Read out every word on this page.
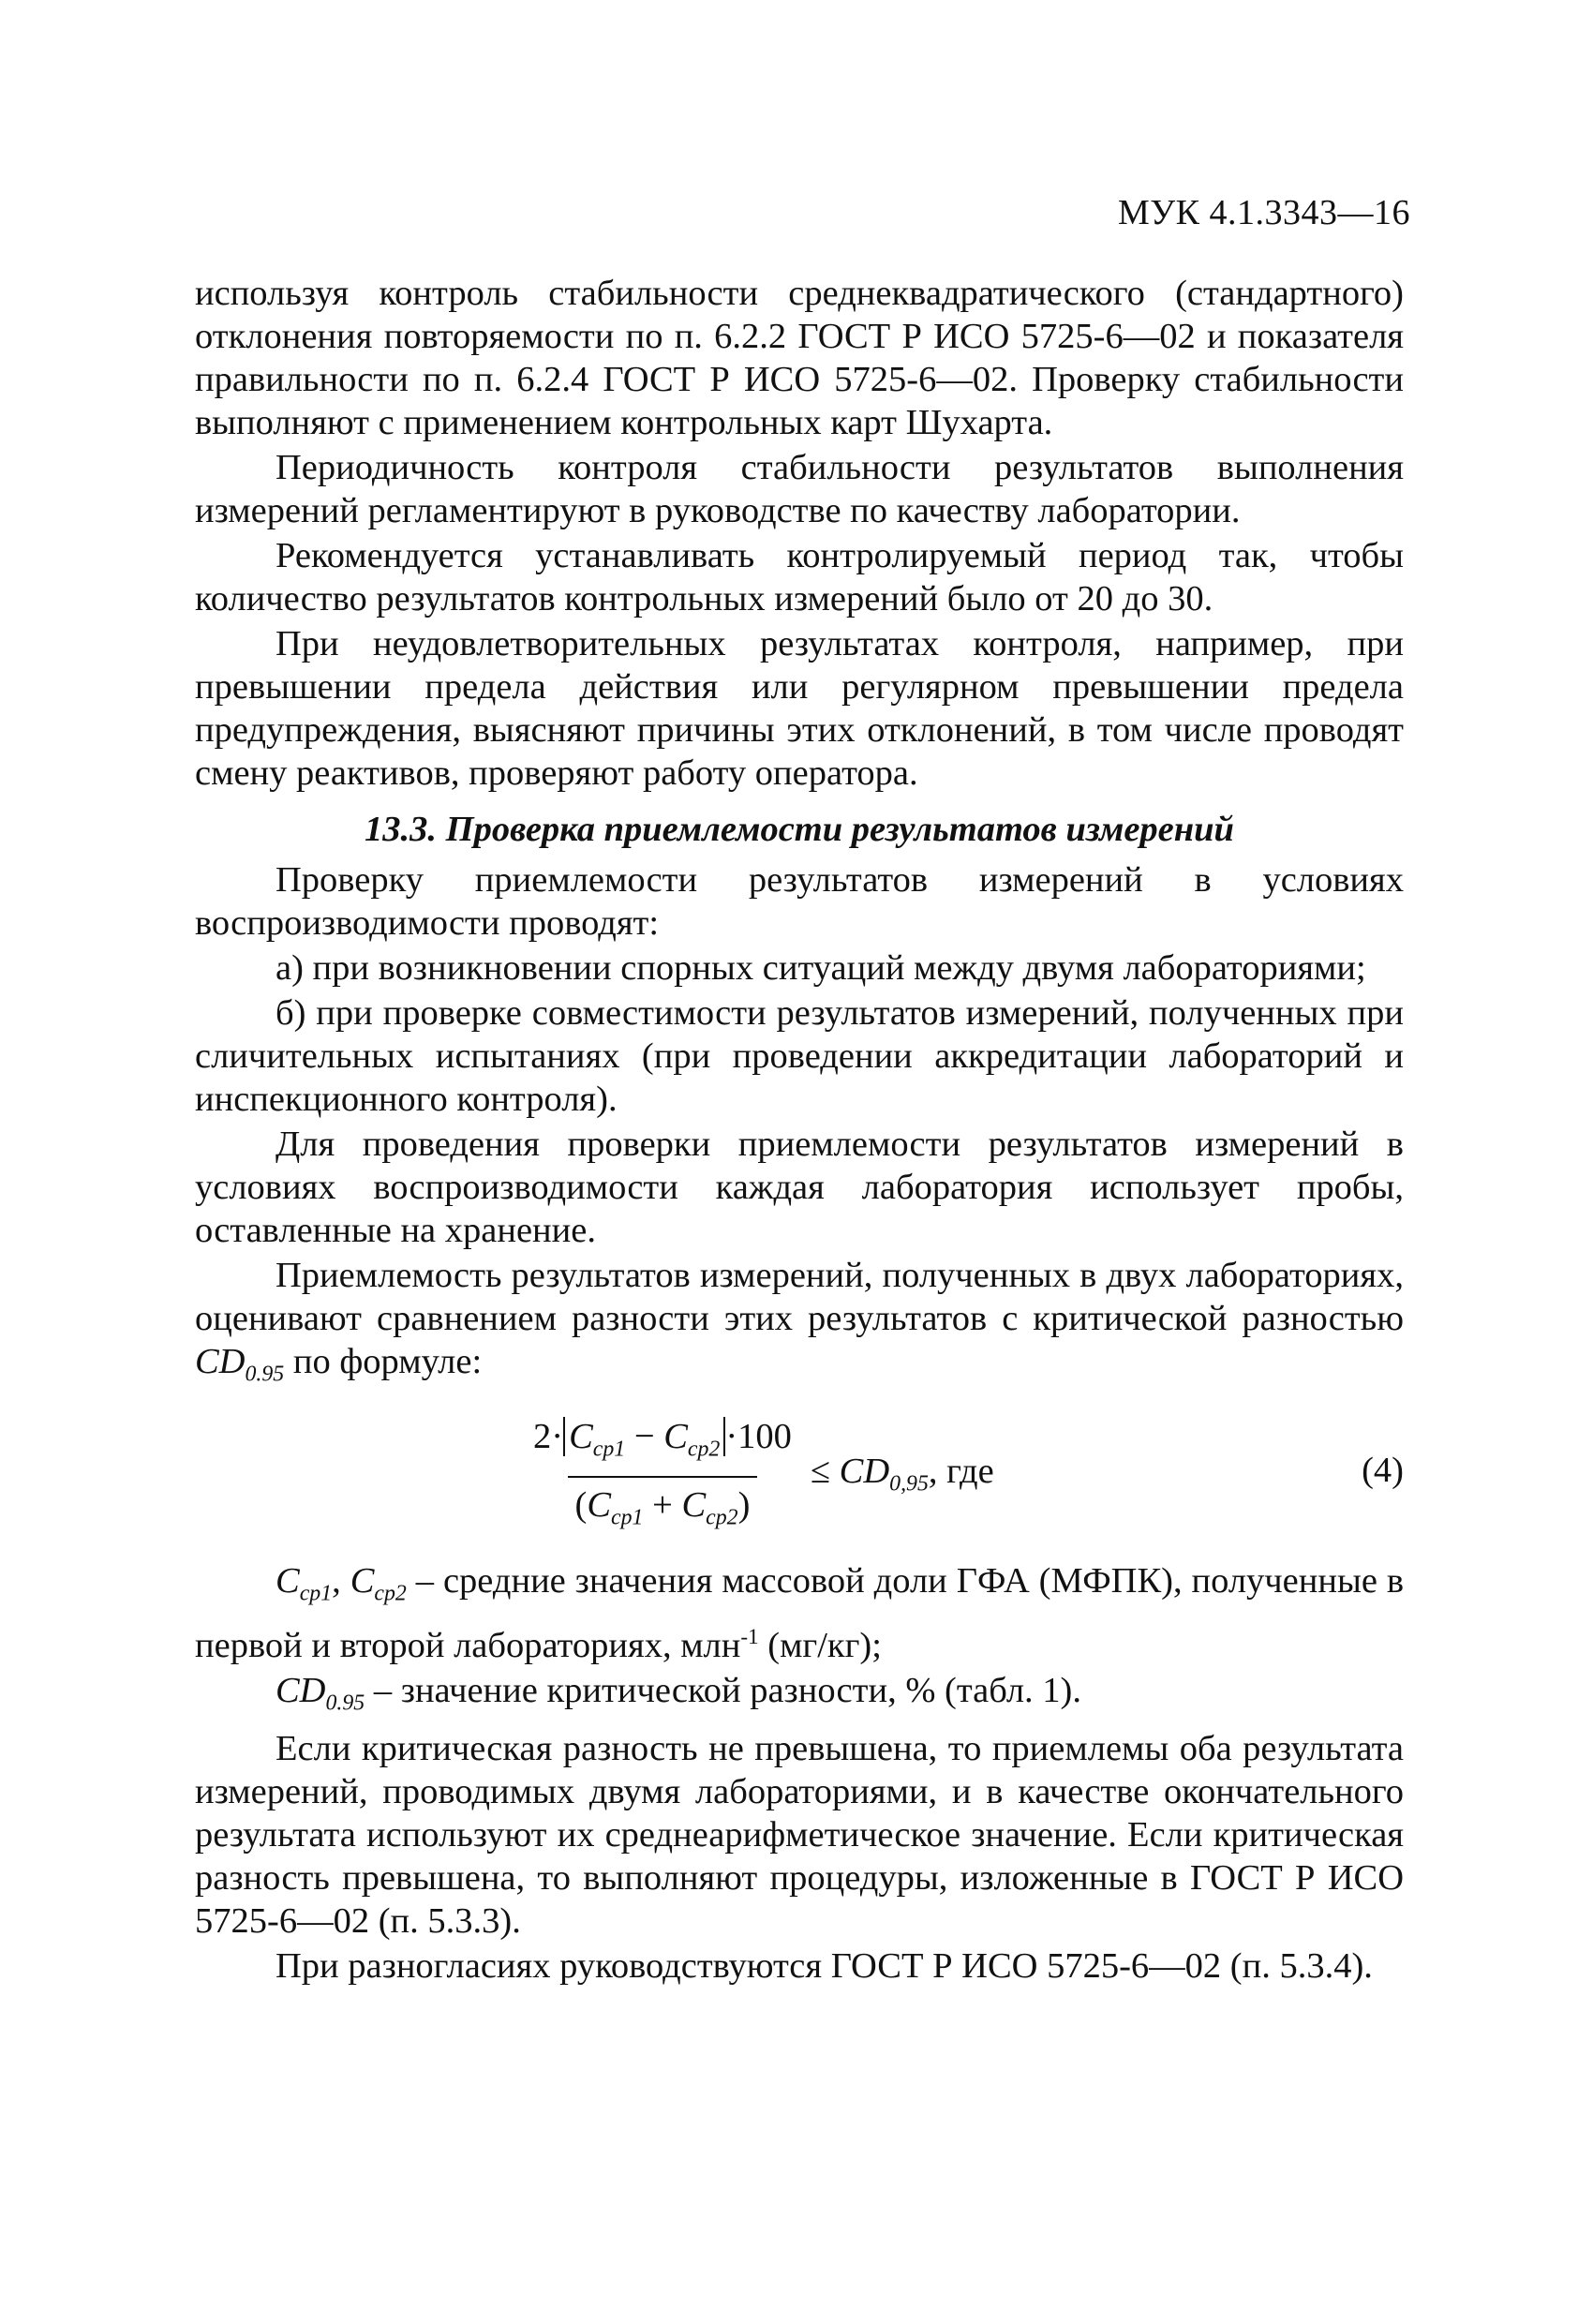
МУК 4.1.3343—16

используя контроль стабильности среднеквадратического (стандартного) отклонения повторяемости по п. 6.2.2 ГОСТ Р ИСО 5725-6—02 и показателя правильности по п. 6.2.4 ГОСТ Р ИСО 5725-6—02. Проверку стабильности выполняют с применением контрольных карт Шухарта.

Периодичность контроля стабильности результатов выполнения измерений регламентируют в руководстве по качеству лаборатории.

Рекомендуется устанавливать контролируемый период так, чтобы количество результатов контрольных измерений было от 20 до 30.

При неудовлетворительных результатах контроля, например, при превышении предела действия или регулярном превышении предела предупреждения, выясняют причины этих отклонений, в том числе проводят смену реактивов, проверяют работу оператора.

13.3. Проверка приемлемости результатов измерений

Проверку приемлемости результатов измерений в условиях воспроизводимости проводят:

а) при возникновении спорных ситуаций между двумя лабораториями;

б) при проверке совместимости результатов измерений, полученных при сличительных испытаниях (при проведении аккредитации лабораторий и инспекционного контроля).

Для проведения проверки приемлемости результатов измерений в условиях воспроизводимости каждая лаборатория использует пробы, оставленные на хранение.

Приемлемость результатов измерений, полученных в двух лабораториях, оценивают сравнением разности этих результатов с критической разностью $CD_{0.95}$ по формуле:

$\frac{2\cdot C_{cp1} - C_{cp2} \cdot 100}{(C_{cp1} + C_{cp2})} \le CD_{0,95}$, где	(4)

$C_{cp1}$, $C_{cp2}$ – средние значения массовой доли ГФА (МФПК), полученные в первой и второй лабораториях, млн$^{-1}$ (мг/кг);

$CD_{0.95}$ – значение критической разности, % (табл. 1).

Если критическая разность не превышена, то приемлемы оба результата измерений, проводимых двумя лабораториями, и в качестве окончательного результата используют их среднеарифметическое значение. Если критическая разность превышена, то выполняют процедуры, изложенные в ГОСТ Р ИСО 5725-6—02 (п. 5.3.3).

При разногласиях руководствуются ГОСТ Р ИСО 5725-6—02 (п. 5.3.4).
